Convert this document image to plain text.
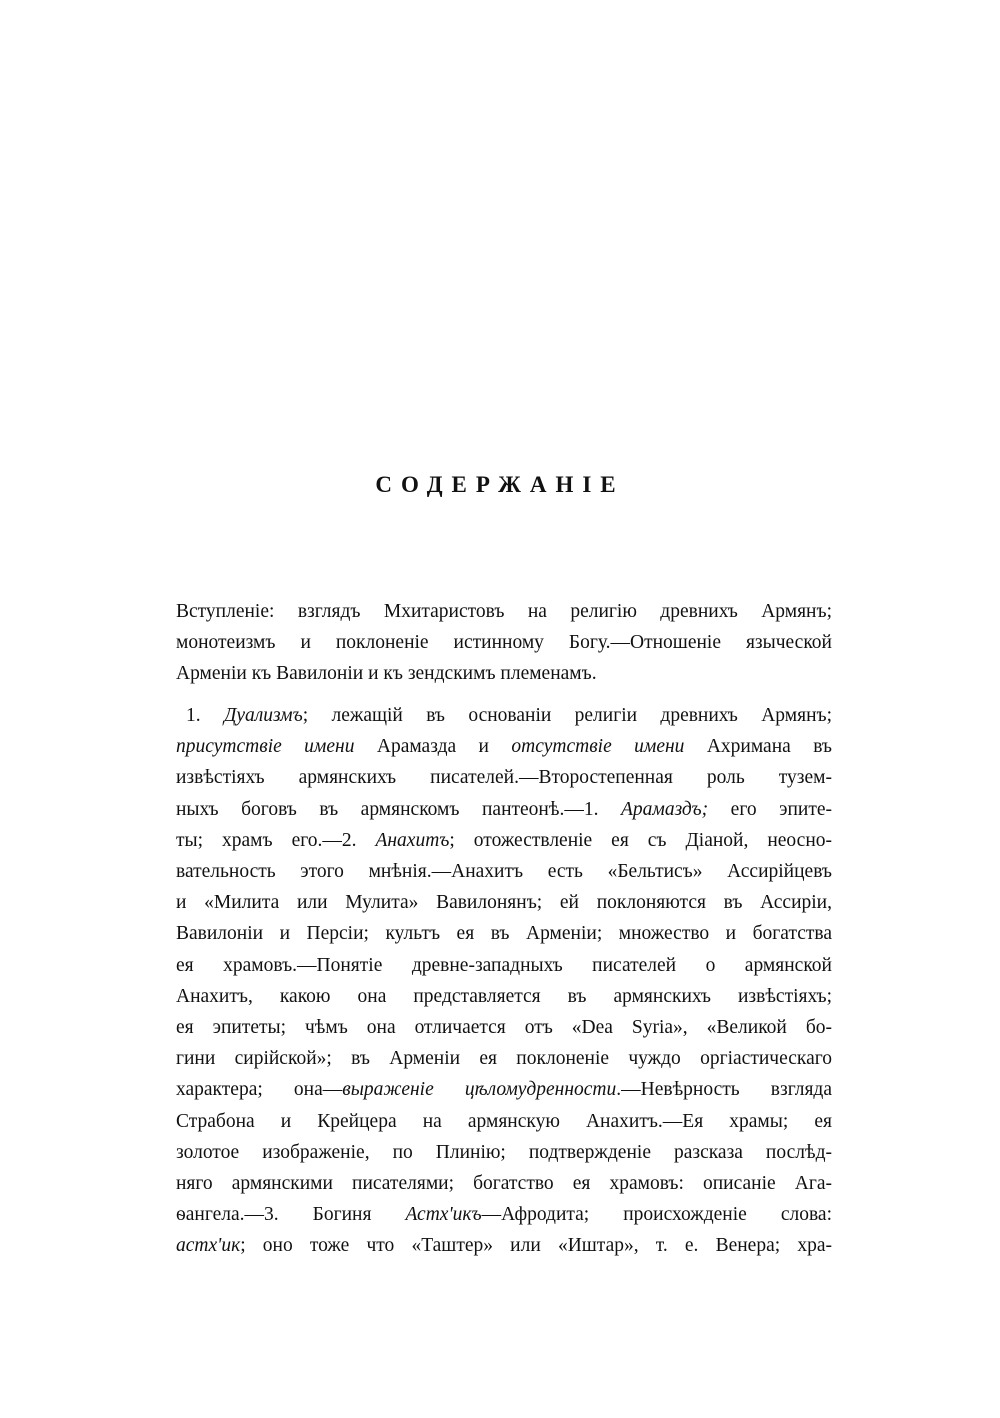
СОДЕРЖАНІЕ
Вступленіе: взглядъ Мхитаристовъ на религію древнихъ Армянъ;
монотеизмъ и поклоненіе истинному Богу.—Отношеніе языческой
Арменіи къ Вавилоніи и къ зендскимъ племенамъ.
1. Дуализмъ; лежащій въ основаніи религіи древнихъ Армянъ;
присутствіе имени Арамазда и отсутствіе имени Ахримана въ
извѣстіяхъ армянскихъ писателей.—Второстепенная роль тузем-
ныхъ боговъ въ армянскомъ пантеонѣ.—1. Арамаздъ; его эпите-
ты; храмъ его.—2. Анахитъ; отожествленіе ея съ Діаной, неосно-
вательность этого мнѣнія.—Анахитъ есть «Бельтисъ» Ассирійцевъ
и «Милита или Мулита» Вавилонянъ; ей поклоняются въ Ассиріи,
Вавилоніи и Персіи; культъ ея въ Арменіи; множество и богатства
ея храмовъ.—Понятіе древне-западныхъ писателей о армянской
Анахитъ, какою она представляется въ армянскихъ извѣстіяхъ;
ея эпитеты; чѣмъ она отличается отъ «Dea Syria», «Великой бо-
гини сирійской»; въ Арменіи ея поклоненіе чуждо оргіастическаго
характера; она—выраженіе цѣломудренности.—Невѣрность взгляда
Страбона и Крейцера на армянскую Анахитъ.—Ея храмы; ея
золотое изображеніе, по Плинію; подтвержденіе разсказа послѣд-
няго армянскими писателями; богатство ея храмовъ: описаніе Ага-
ѳангела.—3. Богиня Астх'икъ—Афродита; происхожденіе слова:
астх'ик; оно тоже что «Таштер» или «Иштар», т. е. Венера; хра-
